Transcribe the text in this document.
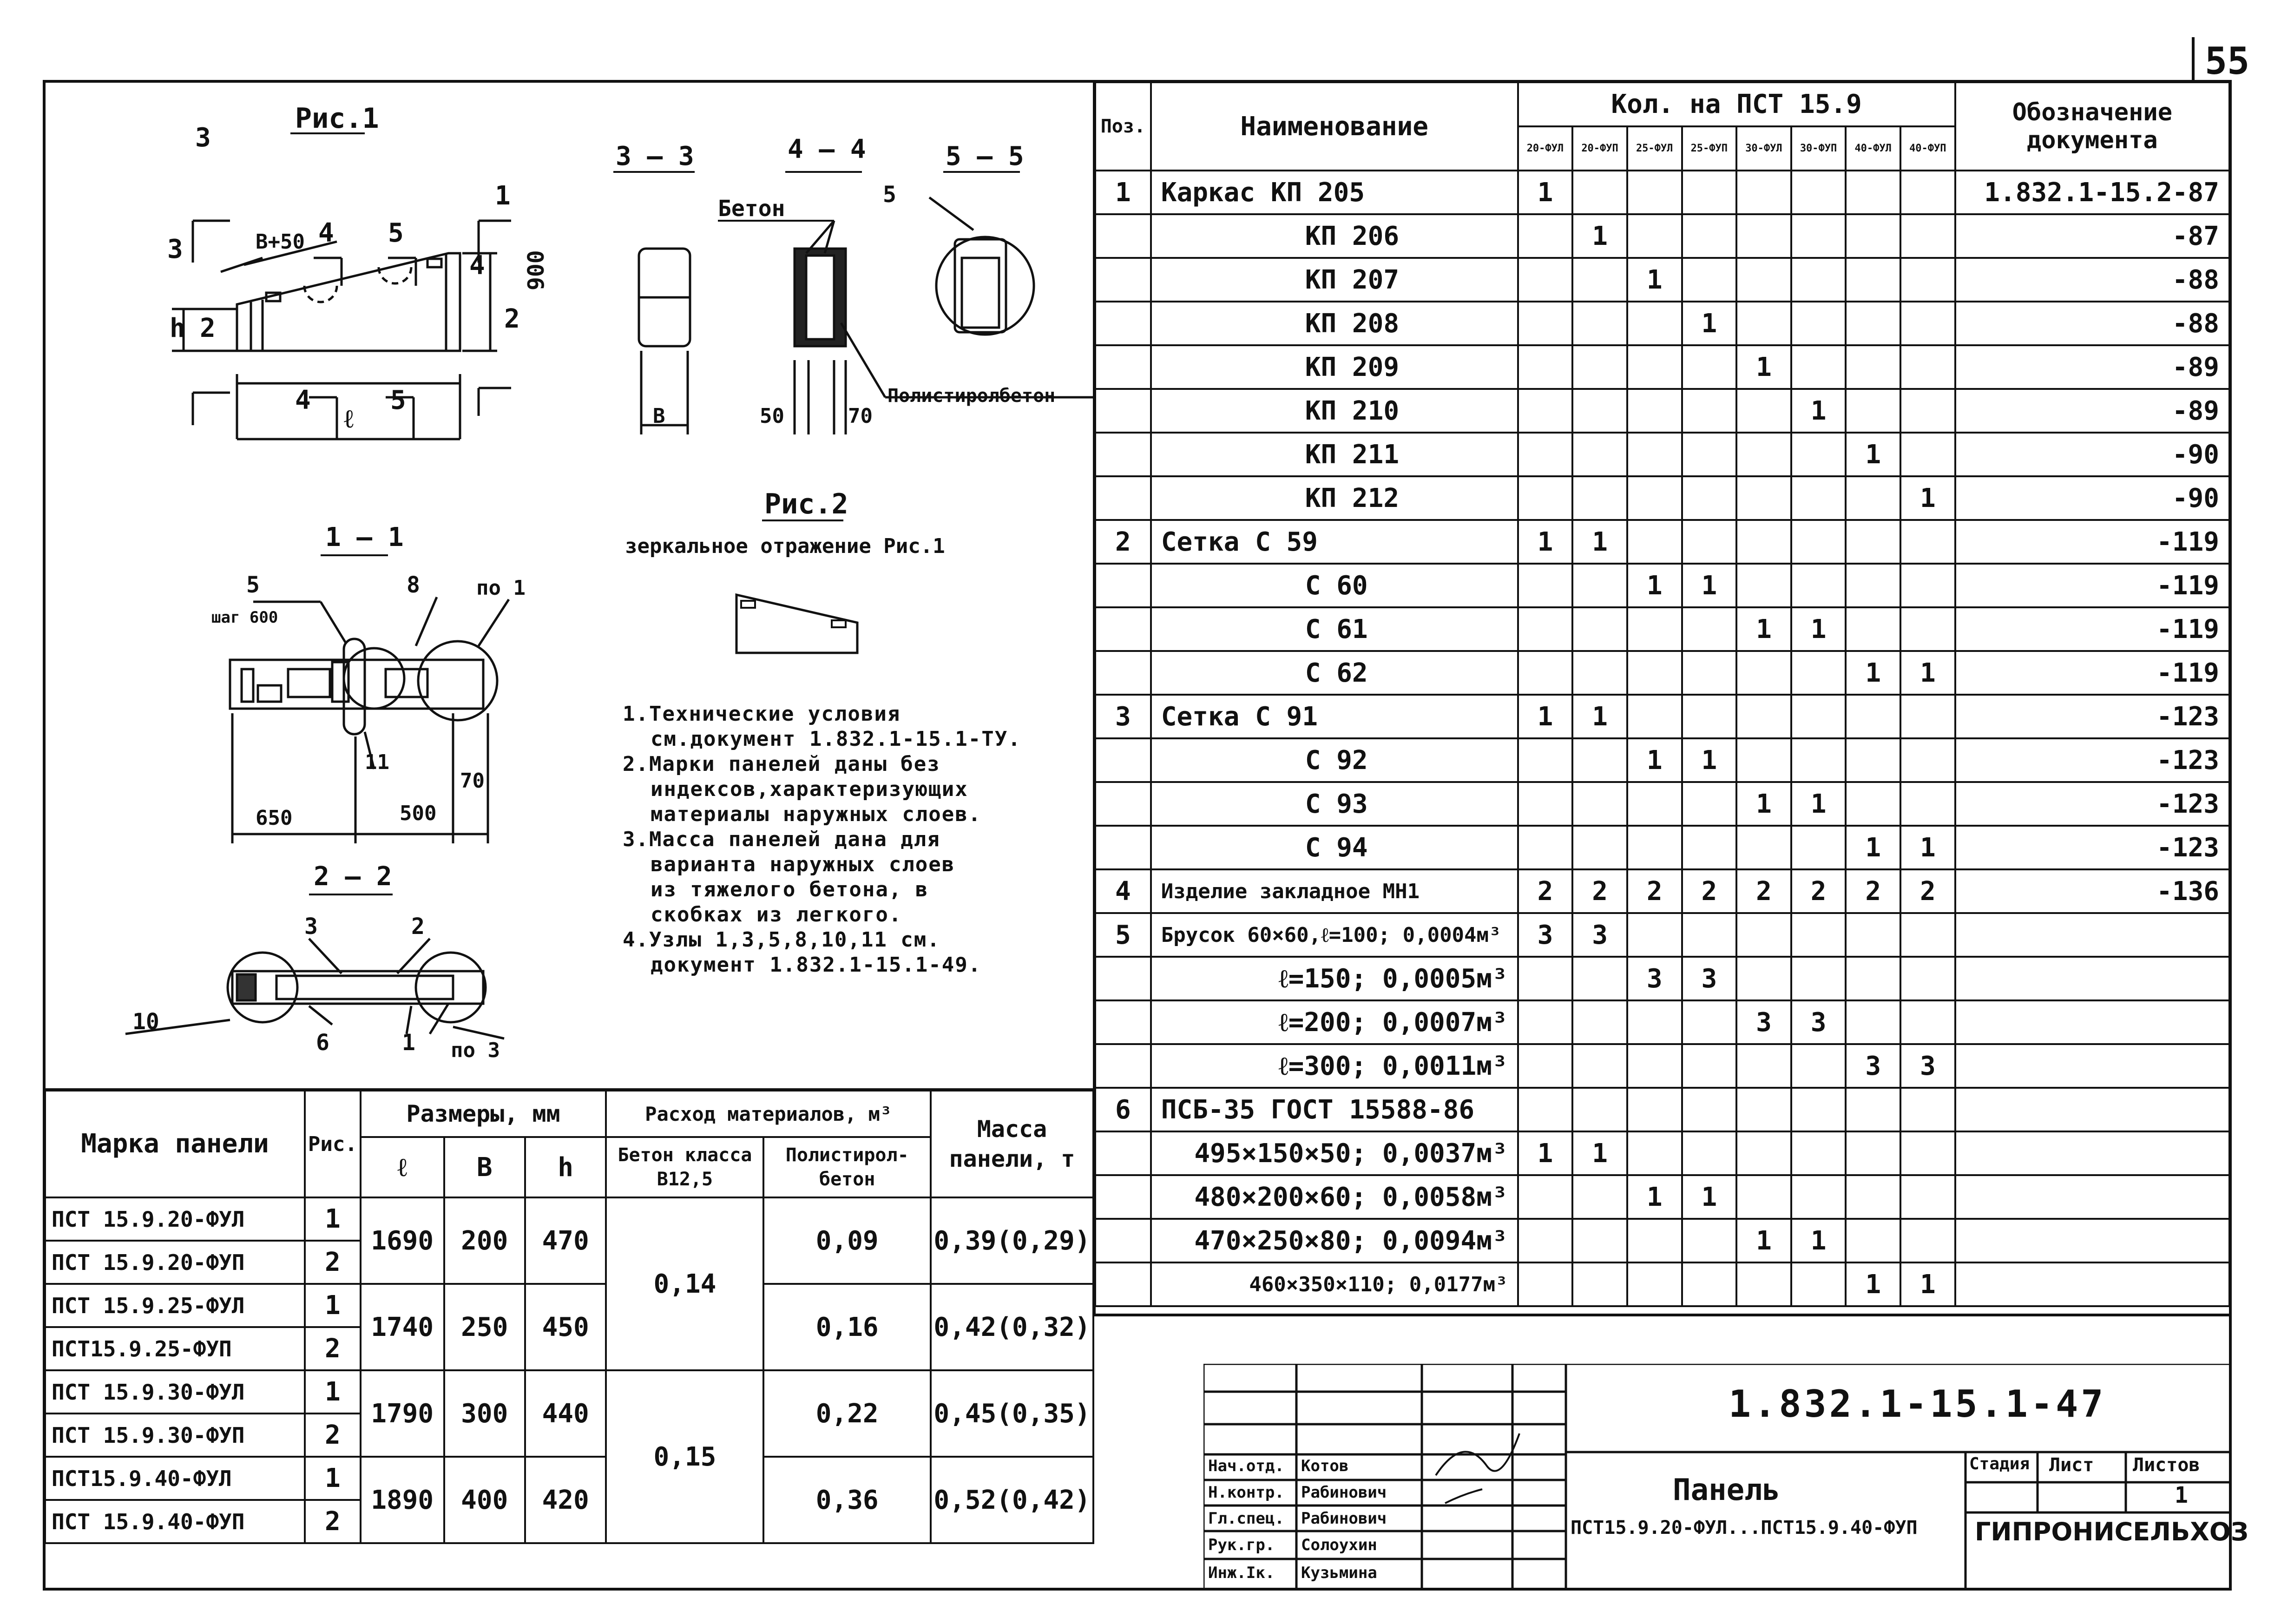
55
Рис.1
3
3
4 5
1
4	5
2
2
4
В+50
900
h
ℓ
3 – 3	4 – 4	5 – 5
Бетон
5
Полистиролбетон
В	50	70
Рис.2
зеркальное отражение Рис.1
1 – 1
5
шаг 600
8	по 1
11
650	500
70
2 – 2
3	2
10
6	1 по 3
1.Технические условия
см.документ 1.832.1-15.1-ТУ.
2.Марки панелей даны без
индексов,характеризующих
материалы наружных слоев.
3.Масса панелей дана для
варианта наружных слоев
из тяжелого бетона, в
скобках из легкого.
4.Узлы 1,3,5,8,10,11 см.
документ 1.832.1-15.1-49.
Поз.	Наименование	Кол. на ПСТ 15.9								Обозначение документа
		20-ФУЛ	20-ФУП	25-ФУЛ	25-ФУП	30-ФУЛ	30-ФУП	40-ФУЛ	40-ФУП	
1	Каркас КП 205	1								1.832.1-15.2-87
	КП 206		1							-87
	КП 207			1						-88
	КП 208				1					-88
	КП 209					1				-89
	КП 210						1			-89
	КП 211							1		-90
	КП 212								1	-90
2	Сетка С 59	1	1							-119
	С 60			1	1					-119
	С 61					1	1			-119
	С 62							1	1	-119
3	Сетка С 91	1	1							-123
	С 92			1	1					-123
	С 93					1	1			-123
	С 94							1	1	-123
4	Изделие закладное МН1	2	2	2	2	2	2	2	2	-136
5	Брусок 60×60,ℓ=100; 0,0004м³	3	3							
	ℓ=150; 0,0005м³			3	3					
	ℓ=200; 0,0007м³					3	3			
	ℓ=300; 0,0011м³							3	3	
6	ПСБ-35 ГОСТ 15588-86									
	495×150×50; 0,0037м³	1	1							
	480×200×60; 0,0058м³			1	1					
	470×250×80; 0,0094м³					1	1			
	460×350×110; 0,0177м³							1	1	
Марка панели	Рис.	Размеры, мм			Расход материалов, м³		Масса панели, т
		ℓ	В	h	Бетон класса В12,5	Полистирол-бетон	
ПСТ 15.9.20-ФУЛ	1	1690	200	470	0,14	0,09	0,39(0,29)
ПСТ 15.9.20-ФУП	2						
ПСТ 15.9.25-ФУЛ	1	1740	250	450		0,16	0,42(0,32)
ПСТ15.9.25-ФУП	2						
ПСТ 15.9.30-ФУЛ	1	1790	300	440	0,15	0,22	0,45(0,35)
ПСТ 15.9.30-ФУП	2						
ПСТ15.9.40-ФУЛ	1	1890	400	420		0,36	0,52(0,42)
ПСТ 15.9.40-ФУП	2						
1.832.1-15.1-47
Панель
ПСТ15.9.20-ФУЛ...ПСТ15.9.40-ФУП ГИПРОНИСЕЛЬХОЗ
Стадия Лист Листов
1
Нач.отд. Котов
Н.контр. Рабинович
Гл.спец. Рабинович
Рук.гр. Солоухин
Инж.Iк. Кузьмина
